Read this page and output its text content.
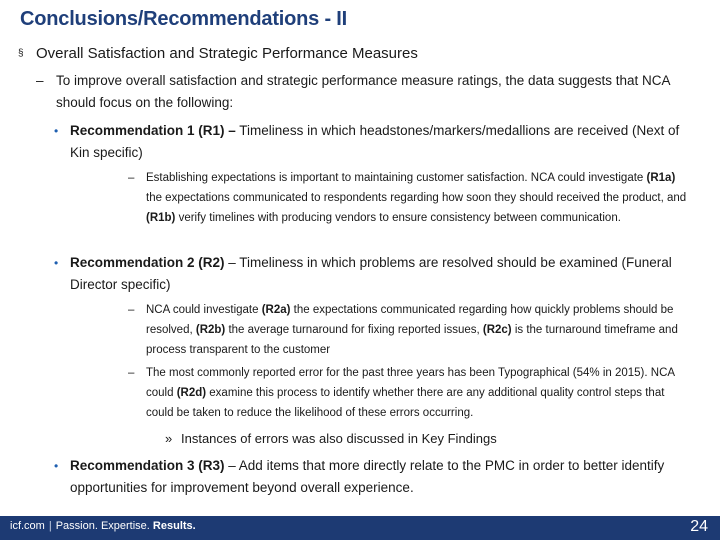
Conclusions/Recommendations - II
§ Overall Satisfaction and Strategic Performance Measures
– To improve overall satisfaction and strategic performance measure ratings, the data suggests that NCA should focus on the following:
• Recommendation 1 (R1) – Timeliness in which headstones/markers/medallions are received (Next of Kin specific)
–	Establishing expectations is important to maintaining customer satisfaction. NCA could investigate (R1a) the expectations communicated to respondents regarding how soon they should received the product, and (R1b) verify timelines with producing vendors to ensure consistency between communication.
• Recommendation 2 (R2) – Timeliness in which problems are resolved should be examined (Funeral Director specific)
–	NCA could investigate (R2a) the expectations communicated regarding how quickly problems should be resolved, (R2b) the average turnaround for fixing reported issues, (R2c) is the turnaround timeframe and process transparent to the customer
–	The most commonly reported error for the past three years has been Typographical (54% in 2015). NCA could (R2d) examine this process to identify whether there are any additional quality control steps that could be taken to reduce the likelihood of these errors occurring.
» Instances of errors was also discussed in Key Findings
• Recommendation 3 (R3) – Add items that more directly relate to the PMC in order to better identify opportunities for improvement beyond overall experience.
icf.com | Passion. Expertise. Results.	24
